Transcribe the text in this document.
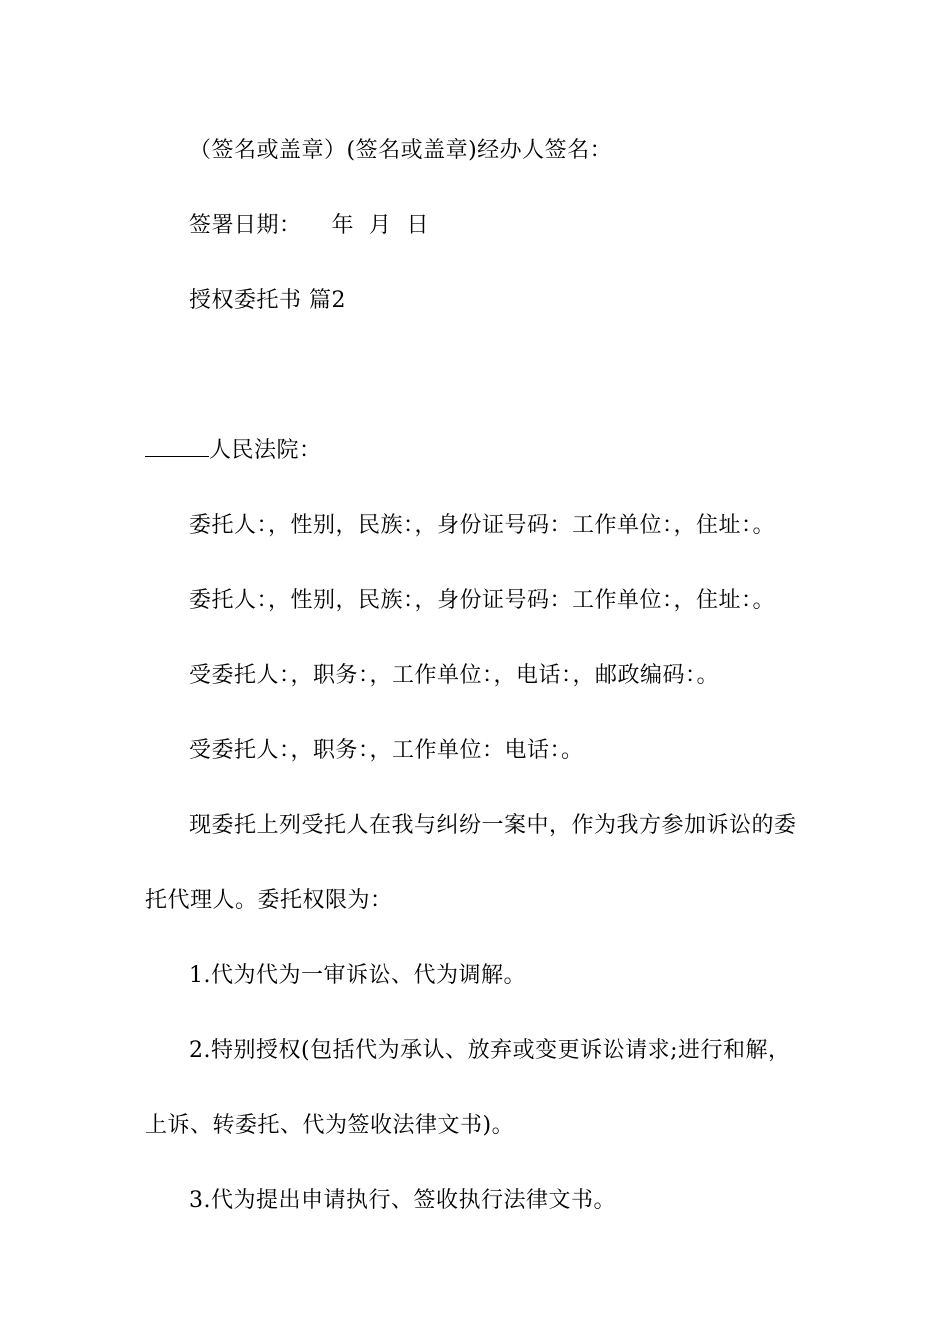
（签名或盖章）(签名或盖章)经办人签名：
签署日期：    年  月  日
授权委托书 篇2
人民法院：
委托人：，性别，民族：，身份证号码：工作单位：，住址：。
委托人：，性别，民族：，身份证号码：工作单位：，住址：。
受委托人：，职务：，工作单位：，电话：，邮政编码：。
受委托人：，职务：，工作单位：电话：。
现委托上列受托人在我与纠纷一案中，作为我方参加诉讼的委
托代理人。委托权限为：
1.代为代为一审诉讼、代为调解。
2.特别授权(包括代为承认、放弃或变更诉讼请求;进行和解，
上诉、转委托、代为签收法律文书)。
3.代为提出申请执行、签收执行法律文书。
